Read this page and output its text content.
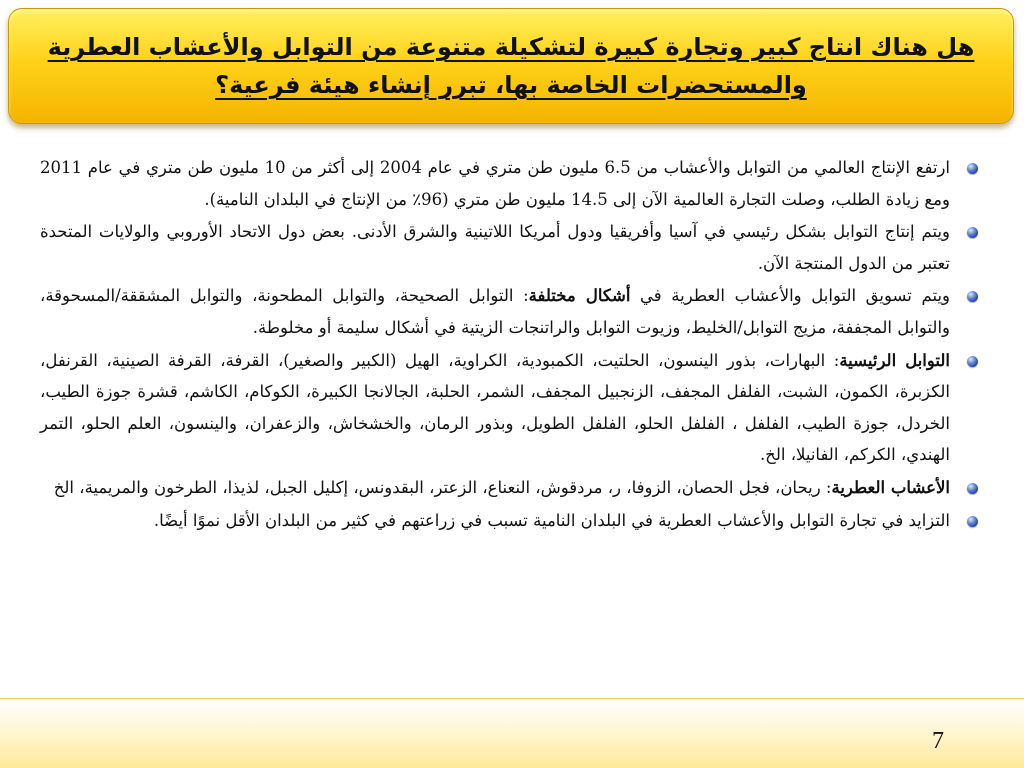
هل هناك انتاج كبير وتجارة كبيرة لتشكيلة متنوعة من التوابل والأعشاب العطرية والمستحضرات الخاصة بها، تبرر إنشاء هيئة فرعية؟
ارتفع الإنتاج العالمي من التوابل والأعشاب من 6.5 مليون طن متري في عام 2004 إلى أكثر من 10 مليون طن متري في عام 2011 ومع زيادة الطلب، وصلت التجارة العالمية الآن إلى 14.5 مليون طن متري (96٪ من الإنتاج في البلدان النامية).
ويتم إنتاج التوابل بشكل رئيسي في آسيا وأفريقيا ودول أمريكا اللاتينية والشرق الأدنى. بعض دول الاتحاد الأوروبي والولايات المتحدة تعتبر من الدول المنتجة الآن.
ويتم تسويق التوابل والأعشاب العطرية في أشكال مختلفة: التوابل الصحيحة، والتوابل المطحونة، والتوابل المشققة/المسحوقة، والتوابل المجففة، مزيج التوابل/الخليط، وزيوت التوابل والراتنجات الزيتية في أشكال سليمة أو مخلوطة.
التوابل الرئيسية: البهارات، بذور الينسون، الحلتيت، الكمبودية، الكراوية، الهيل (الكبير والصغير)، القرفة، القرفة الصينية، القرنفل، الكزبرة، الكمون، الشبت، الفلفل المجفف، الزنجبيل المجفف، الشمر، الحلبة، الجالانجا الكبيرة، الكوكام، الكاشم، قشرة جوزة الطيب، الخردل، جوزة الطيب، الفلفل ، الفلفل الحلو، الفلفل الطويل، وبذور الرمان، والخشخاش، والزعفران، والينسون، العلم الحلو، التمر الهندي، الكركم، الفانيلا، الخ.
الأعشاب العطرية: ريحان، فجل الحصان، الزوفا، ر، مردقوش، النعناع، الزعتر، البقدونس، إكليل الجبل، لذيذا، الطرخون والمريمية، الخ
التزايد في تجارة التوابل والأعشاب العطرية في البلدان النامية تسبب في زراعتهم في كثير من البلدان الأقل نموًا أيضًا.

7
